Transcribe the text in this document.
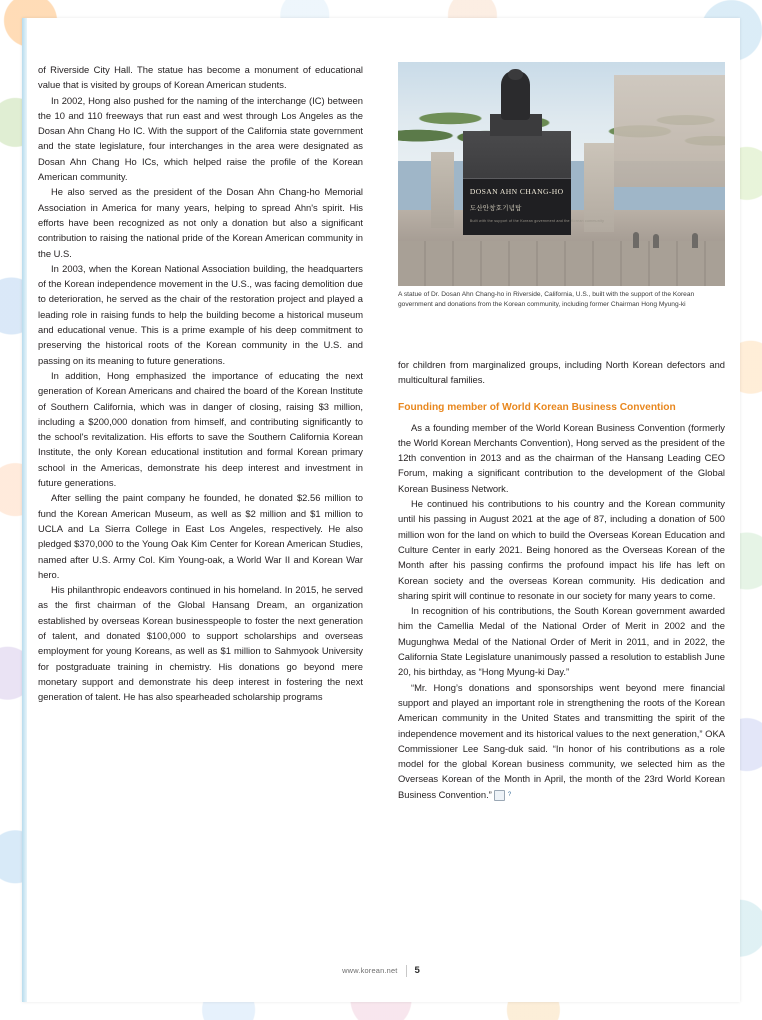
of Riverside City Hall. The statue has become a monument of educational value that is visited by groups of Korean American students.

In 2002, Hong also pushed for the naming of the interchange (IC) between the 10 and 110 freeways that run east and west through Los Angeles as the Dosan Ahn Chang Ho IC. With the support of the California state government and the state legislature, four interchanges in the area were designated as Dosan Ahn Chang Ho ICs, which helped raise the profile of the Korean American community.

He also served as the president of the Dosan Ahn Chang-ho Memorial Association in America for many years, helping to spread Ahn's spirit. His efforts have been recognized as not only a donation but also a significant contribution to raising the national pride of the Korean American community in the U.S.

In 2003, when the Korean National Association building, the headquarters of the Korean independence movement in the U.S., was facing demolition due to deterioration, he served as the chair of the restoration project and played a leading role in raising funds to help the building become a historical museum and educational venue. This is a prime example of his deep commitment to preserving the historical roots of the Korean community in the U.S. and passing on its meaning to future generations.

In addition, Hong emphasized the importance of educating the next generation of Korean Americans and chaired the board of the Korean Institute of Southern California, which was in danger of closing, raising $3 million, including a $200,000 donation from himself, and contributing significantly to the school's revitalization. His efforts to save the Southern California Korean Institute, the only Korean educational institution and formal Korean primary school in the Americas, demonstrate his deep interest and investment in future generations.

After selling the paint company he founded, he donated $2.56 million to fund the Korean American Museum, as well as $2 million and $1 million to UCLA and La Sierra College in East Los Angeles, respectively. He also pledged $370,000 to the Young Oak Kim Center for Korean American Studies, named after U.S. Army Col. Kim Young-oak, a World War II and Korean War hero.

His philanthropic endeavors continued in his homeland. In 2015, he served as the first chairman of the Global Hansang Dream, an organization established by overseas Korean businesspeople to foster the next generation of talent, and donated $100,000 to support scholarships and overseas employment for young Koreans, as well as $1 million to Sahmyook University for postgraduate training in chemistry. His donations go beyond mere monetary support and demonstrate his deep interest in fostering the next generation of talent. He has also spearheaded scholarship programs

DOSAN AHN CHANG-HO
도산안창호기념탑
Built with the support of the Korean government and the Korean community

A statue of Dr. Dosan Ahn Chang-ho in Riverside, California, U.S., built with the support of the Korean government and donations from the Korean community, including former Chairman Hong Myung-ki

for children from marginalized groups, including North Korean defectors and multicultural families.

Founding member of World Korean Business Convention

As a founding member of the World Korean Business Convention (formerly the World Korean Merchants Convention), Hong served as the president of the 12th convention in 2013 and as the chairman of the Hansang Leading CEO Forum, making a significant contribution to the development of the Global Korean Business Network.

He continued his contributions to his country and the Korean community until his passing in August 2021 at the age of 87, including a donation of 500 million won for the land on which to build the Overseas Korean Education and Culture Center in early 2021. Being honored as the Overseas Korean of the Month after his passing confirms the profound impact his life has left on Korean society and the overseas Korean community. His dedication and sharing spirit will continue to resonate in our society for many years to come.

In recognition of his contributions, the South Korean government awarded him the Camellia Medal of the National Order of Merit in 2002 and the Mugunghwa Medal of the National Order of Merit in 2011, and in 2022, the California State Legislature unanimously passed a resolution to establish June 20, his birthday, as “Hong Myung-ki Day.”

“Mr. Hong’s donations and sponsorships went beyond mere financial support and played an important role in strengthening the roots of the Korean American community in the United States and transmitting the spirit of the independence movement and its historical values to the next generation,” OKA Commissioner Lee Sang-duk said. “In honor of his contributions as a role model for the global Korean business community, we selected him as the Overseas Korean of the Month in April, the month of the 23rd World Korean Business Convention.”	?

www.korean.net 5
